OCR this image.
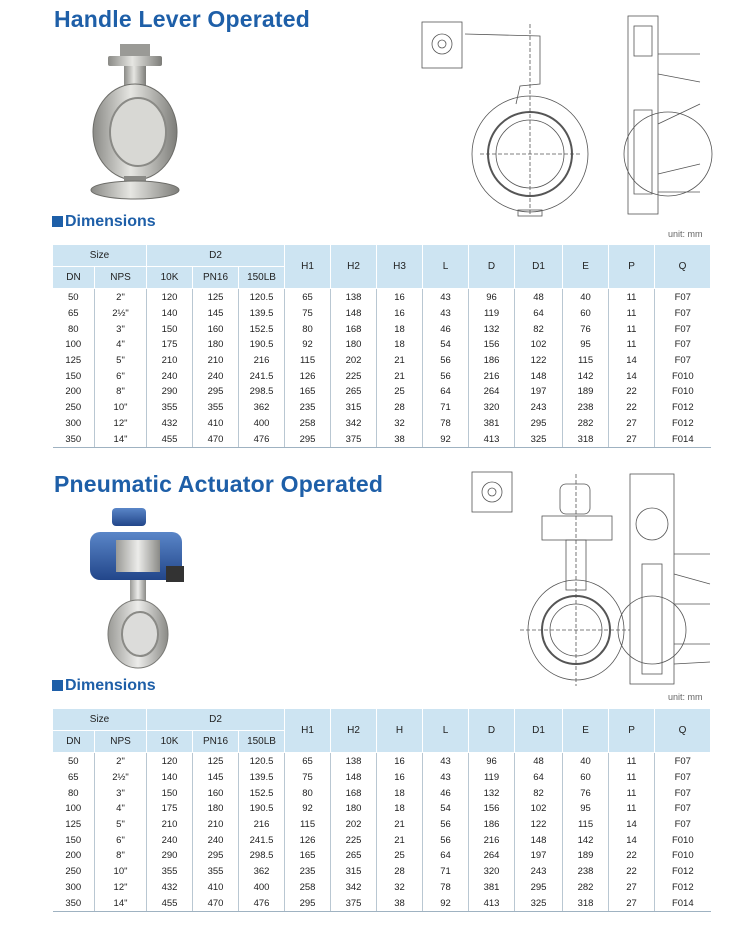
Handle Lever Operated
Dimensions
unit: mm
Size		D2			H1	H2	H3	L	D	D1	E	P	Q
DN	NPS	10K	PN16	150LB									
50	2"	120	125	120.5	65	138	16	43	96	48	40	11	F07
65	2½"	140	145	139.5	75	148	16	43	119	64	60	11	F07
80	3"	150	160	152.5	80	168	18	46	132	82	76	11	F07
100	4"	175	180	190.5	92	180	18	54	156	102	95	11	F07
125	5"	210	210	216	115	202	21	56	186	122	115	14	F07
150	6"	240	240	241.5	126	225	21	56	216	148	142	14	F010
200	8"	290	295	298.5	165	265	25	64	264	197	189	22	F010
250	10"	355	355	362	235	315	28	71	320	243	238	22	F012
300	12"	432	410	400	258	342	32	78	381	295	282	27	F012
350	14"	455	470	476	295	375	38	92	413	325	318	27	F014
Pneumatic Actuator Operated
Dimensions
unit: mm
Size		D2			H1	H2	H	L	D	D1	E	P	Q
DN	NPS	10K	PN16	150LB									
50	2"	120	125	120.5	65	138	16	43	96	48	40	11	F07
65	2½"	140	145	139.5	75	148	16	43	119	64	60	11	F07
80	3"	150	160	152.5	80	168	18	46	132	82	76	11	F07
100	4"	175	180	190.5	92	180	18	54	156	102	95	11	F07
125	5"	210	210	216	115	202	21	56	186	122	115	14	F07
150	6"	240	240	241.5	126	225	21	56	216	148	142	14	F010
200	8"	290	295	298.5	165	265	25	64	264	197	189	22	F010
250	10"	355	355	362	235	315	28	71	320	243	238	22	F012
300	12"	432	410	400	258	342	32	78	381	295	282	27	F012
350	14"	455	470	476	295	375	38	92	413	325	318	27	F014
